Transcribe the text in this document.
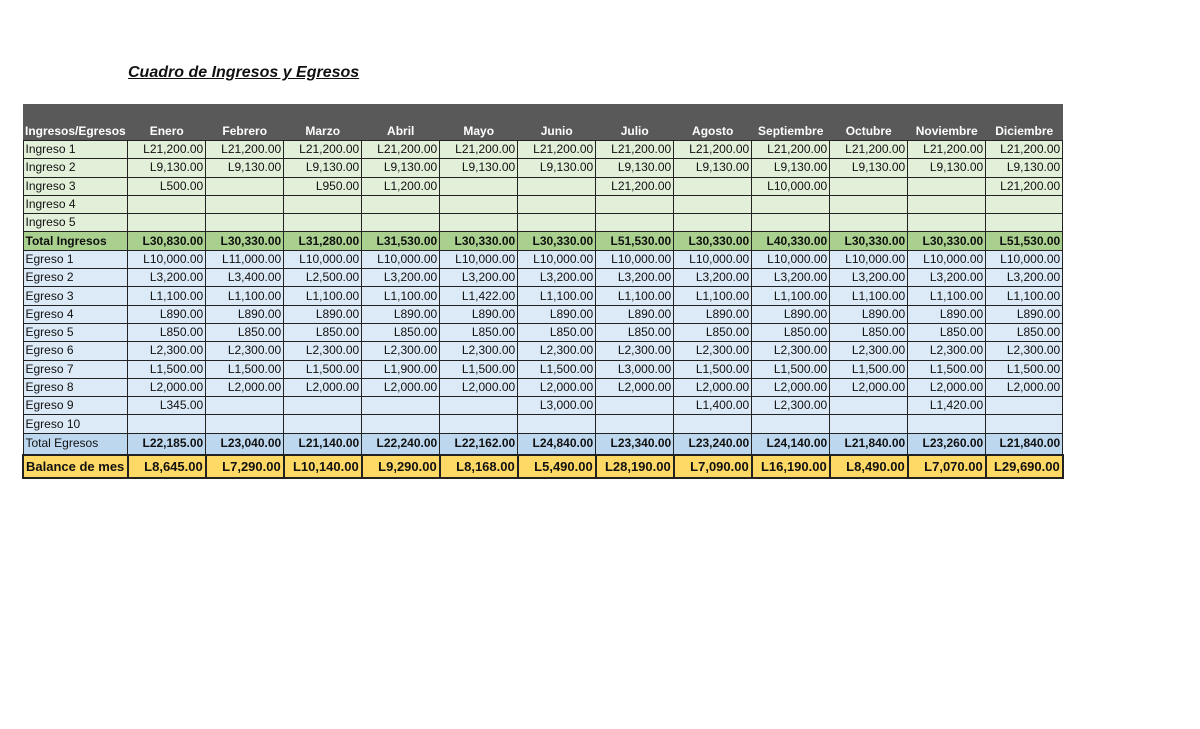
Cuadro de Ingresos y Egresos

Ingresos/Egresos	Enero	Febrero	Marzo	Abril	Mayo	Junio	Julio	Agosto	Septiembre	Octubre	Noviembre	Diciembre
Ingreso 1	L21,200.00	L21,200.00	L21,200.00	L21,200.00	L21,200.00	L21,200.00	L21,200.00	L21,200.00	L21,200.00	L21,200.00	L21,200.00	L21,200.00
Ingreso 2	L9,130.00	L9,130.00	L9,130.00	L9,130.00	L9,130.00	L9,130.00	L9,130.00	L9,130.00	L9,130.00	L9,130.00	L9,130.00	L9,130.00
Ingreso 3	L500.00		L950.00	L1,200.00			L21,200.00		L10,000.00			L21,200.00
Ingreso 4												
Ingreso 5												
Total Ingresos	L30,830.00	L30,330.00	L31,280.00	L31,530.00	L30,330.00	L30,330.00	L51,530.00	L30,330.00	L40,330.00	L30,330.00	L30,330.00	L51,530.00
Egreso 1	L10,000.00	L11,000.00	L10,000.00	L10,000.00	L10,000.00	L10,000.00	L10,000.00	L10,000.00	L10,000.00	L10,000.00	L10,000.00	L10,000.00
Egreso 2	L3,200.00	L3,400.00	L2,500.00	L3,200.00	L3,200.00	L3,200.00	L3,200.00	L3,200.00	L3,200.00	L3,200.00	L3,200.00	L3,200.00
Egreso 3	L1,100.00	L1,100.00	L1,100.00	L1,100.00	L1,422.00	L1,100.00	L1,100.00	L1,100.00	L1,100.00	L1,100.00	L1,100.00	L1,100.00
Egreso 4	L890.00	L890.00	L890.00	L890.00	L890.00	L890.00	L890.00	L890.00	L890.00	L890.00	L890.00	L890.00
Egreso 5	L850.00	L850.00	L850.00	L850.00	L850.00	L850.00	L850.00	L850.00	L850.00	L850.00	L850.00	L850.00
Egreso 6	L2,300.00	L2,300.00	L2,300.00	L2,300.00	L2,300.00	L2,300.00	L2,300.00	L2,300.00	L2,300.00	L2,300.00	L2,300.00	L2,300.00
Egreso 7	L1,500.00	L1,500.00	L1,500.00	L1,900.00	L1,500.00	L1,500.00	L3,000.00	L1,500.00	L1,500.00	L1,500.00	L1,500.00	L1,500.00
Egreso 8	L2,000.00	L2,000.00	L2,000.00	L2,000.00	L2,000.00	L2,000.00	L2,000.00	L2,000.00	L2,000.00	L2,000.00	L2,000.00	L2,000.00
Egreso 9	L345.00					L3,000.00		L1,400.00	L2,300.00		L1,420.00	
Egreso 10												
Total Egresos	L22,185.00	L23,040.00	L21,140.00	L22,240.00	L22,162.00	L24,840.00	L23,340.00	L23,240.00	L24,140.00	L21,840.00	L23,260.00	L21,840.00
Balance de mes	L8,645.00	L7,290.00	L10,140.00	L9,290.00	L8,168.00	L5,490.00	L28,190.00	L7,090.00	L16,190.00	L8,490.00	L7,070.00	L29,690.00
